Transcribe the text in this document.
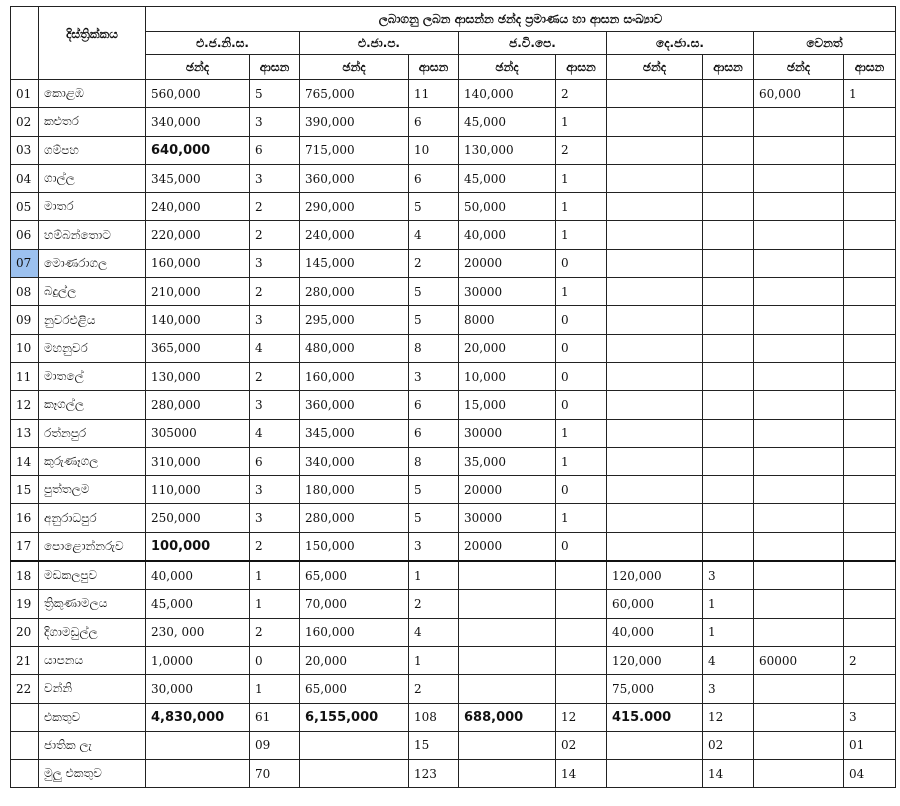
	දිස්ත්‍රික්කය	ලබාගනු ලබන ආසන්න ඡන්ද ප්‍රමාණය හා ආසන සංඛ්‍යාව									
		එ.ජ.නි.ස.		එ.ජා.ප.		ජ.වි.පෙ.		දෙ.ජා.ස.		වෙනත්	
		ඡන්ද	ආසන	ඡන්ද	ආසන	ඡන්ද	ආසන	ඡන්ද	ආසන	ඡන්ද	ආසන
01	කොළඹ	560,000	5	765,000	11	140,000	2			60,000	1
02	කළුතර	340,000	3	390,000	6	45,000	1				
03	ගම්පහ	640,000	6	715,000	10	130,000	2				
04	ගාල්ල	345,000	3	360,000	6	45,000	1				
05	මාතර	240,000	2	290,000	5	50,000	1				
06	හම්බන්තොට	220,000	2	240,000	4	40,000	1				
07	මොණරාගල	160,000	3	145,000	2	20000	0				
08	බදුල්ල	210,000	2	280,000	5	30000	1				
09	නුවරඑළිය	140,000	3	295,000	5	8000	0				
10	මහනුවර	365,000	4	480,000	8	20,000	0				
11	මාතලේ	130,000	2	160,000	3	10,000	0				
12	කෑගල්ල	280,000	3	360,000	6	15,000	0				
13	රත්නපුර	305000	4	345,000	6	30000	1				
14	කුරුණෑගල	310,000	6	340,000	8	35,000	1				
15	පුත්තලම	110,000	3	180,000	5	20000	0				
16	අනුරාධපුර	250,000	3	280,000	5	30000	1				
17	පොළොන්නරුව	100,000	2	150,000	3	20000	0				
18	මඩකලපුව	40,000	1	65,000	1			120,000	3		
19	ත්‍රිකුණාමලය	45,000	1	70,000	2			60,000	1		
20	දිගාමඩුල්ල	230, 000	2	160,000	4			40,000	1		
21	යාපනය	1,0000	0	20,000	1			120,000	4	60000	2
22	වන්නි	30,000	1	65,000	2			75,000	3		
	එකතුව	4,830,000	61	6,155,000	108	688,000	12	415.000	12		3
	ජාතික ලැ		09		15		02		02		01
	මුලු එකතුව		70		123		14		14		04
